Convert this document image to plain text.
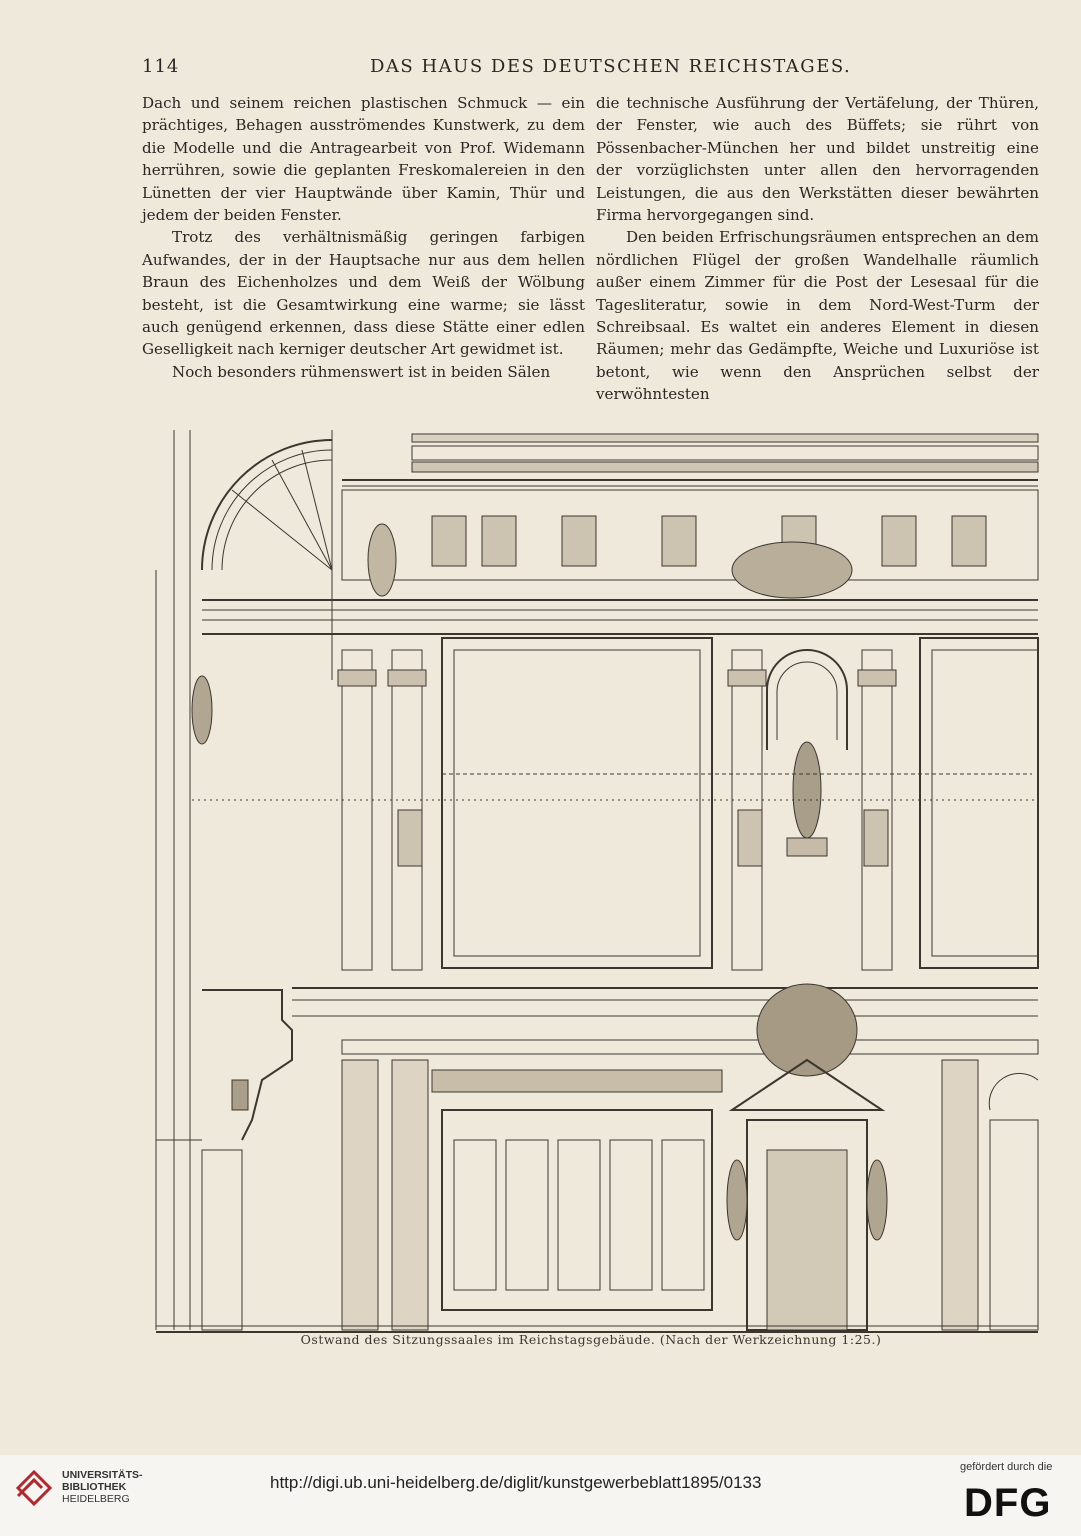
114	DAS HAUS DES DEUTSCHEN REICHSTAGES.

Dach und seinem reichen plastischen Schmuck — ein prächtiges, Behagen ausströmendes Kunstwerk, zu dem die Modelle und die Antragearbeit von Prof. Widemann herrühren, sowie die geplanten Freskomalereien in den Lünetten der vier Hauptwände über Kamin, Thür und jedem der beiden Fenster.

Trotz des verhältnismäßig geringen farbigen Aufwandes, der in der Hauptsache nur aus dem hellen Braun des Eichenholzes und dem Weiß der Wölbung besteht, ist die Gesamtwirkung eine warme; sie lässt auch genügend erkennen, dass diese Stätte einer edlen Geselligkeit nach kerniger deutscher Art gewidmet ist.

Noch besonders rühmenswert ist in beiden Sälen

die technische Ausführung der Vertäfelung, der Thüren, der Fenster, wie auch des Büffets; sie rührt von Pössenbacher-München her und bildet unstreitig eine der vorzüglichsten unter allen den hervorragenden Leistungen, die aus den Werkstätten dieser bewährten Firma hervorgegangen sind.

Den beiden Erfrischungsräumen entsprechen an dem nördlichen Flügel der großen Wandelhalle räumlich außer einem Zimmer für die Post der Lesesaal für die Tagesliteratur, sowie in dem Nord-West-Turm der Schreibsaal. Es waltet ein anderes Element in diesen Räumen; mehr das Gedämpfte, Weiche und Luxuriöse ist betont, wie wenn den Ansprüchen selbst der verwöhntesten

Ostwand des Sitzungssaales im Reichstagsgebäude. (Nach der Werkzeichnung 1:25.)
UNIVERSITÄTS-
BIBLIOTHEK
HEIDELBERG
http://digi.ub.uni-heidelberg.de/diglit/kunstgewerbeblatt1895/0133
gefördert durch die
DFG
